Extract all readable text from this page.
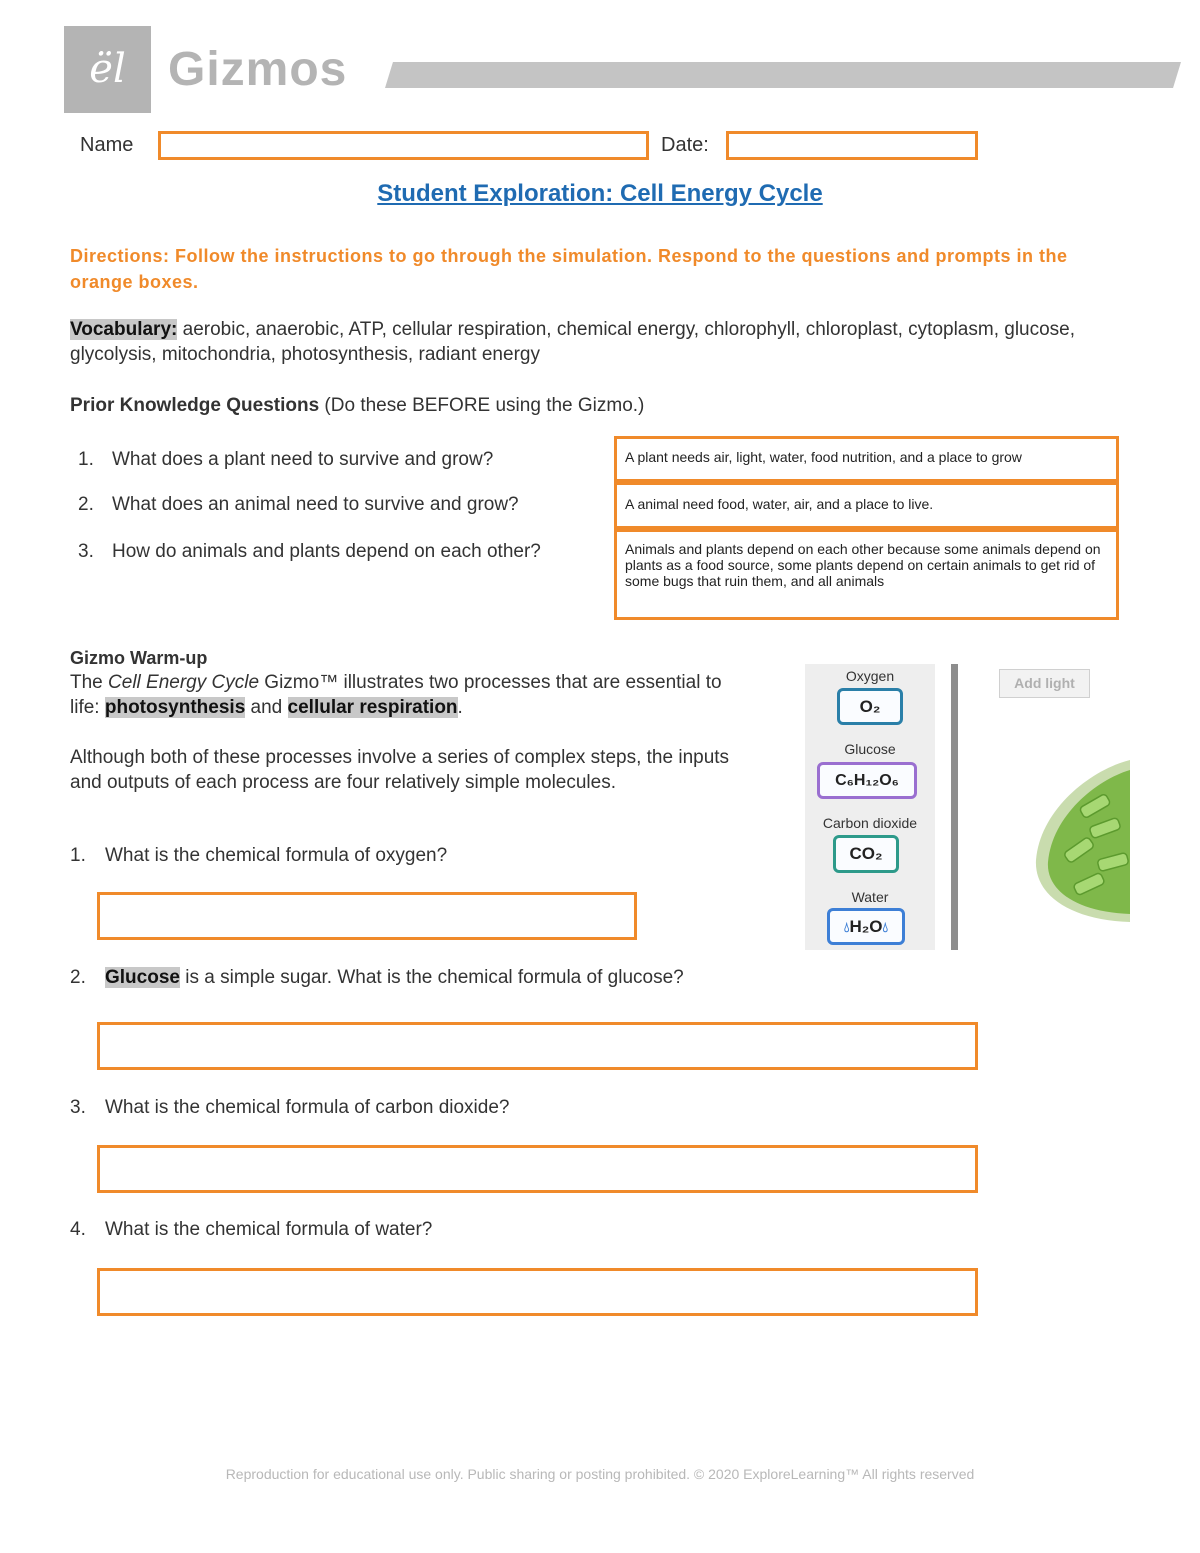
ël Gizmos
Name	Date:
Student Exploration: Cell Energy Cycle
Directions: Follow the instructions to go through the simulation. Respond to the questions and prompts in the orange boxes.
Vocabulary: aerobic, anaerobic, ATP, cellular respiration, chemical energy, chlorophyll, chloroplast, cytoplasm, glucose, glycolysis, mitochondria, photosynthesis, radiant energy
Prior Knowledge Questions (Do these BEFORE using the Gizmo.)
1. What does a plant need to survive and grow?	A plant needs air, light, water, food nutrition, and a place to grow
2. What does an animal need to survive and grow?	A animal need food, water, air, and a place to live.
3. How do animals and plants depend on each other?	Animals and plants depend on each other because some animals depend on plants as a food source, some plants depend on certain animals to get rid of some bugs that ruin them, and all animals
Gizmo Warm-up
The Cell Energy Cycle Gizmo™ illustrates two processes that are essential to life: photosynthesis and cellular respiration.
Although both of these processes involve a series of complex steps, the inputs and outputs of each process are four relatively simple molecules.
1. What is the chemical formula of oxygen?
2. Glucose is a simple sugar. What is the chemical formula of glucose?
3. What is the chemical formula of carbon dioxide?
4. What is the chemical formula of water?
Oxygen
O₂
Glucose
C₆H₁₂O₆
Carbon dioxide
CO₂
Water
💧︎H₂O💧︎
Add light
Reproduction for educational use only. Public sharing or posting prohibited. © 2020 ExploreLearning™ All rights reserved
